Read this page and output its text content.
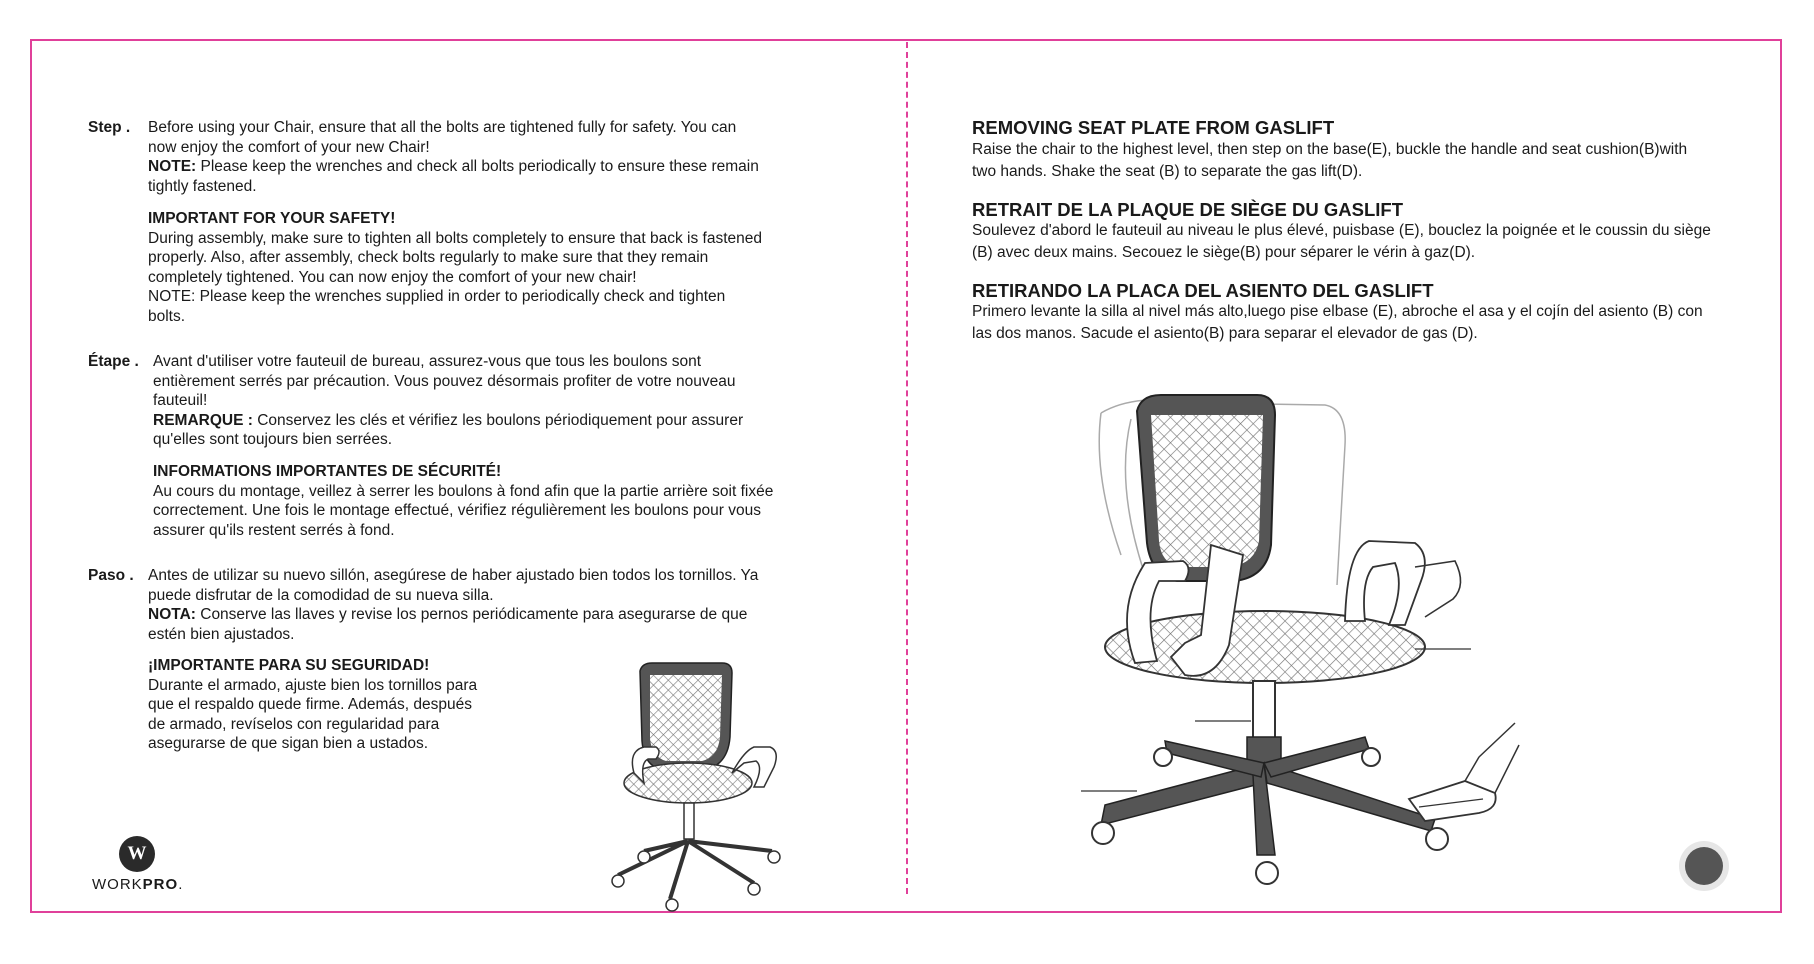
Step . Before using your Chair, ensure that all the bolts are tightened fully for safety. You can now enjoy the comfort of your new Chair!
NOTE: Please keep the wrenches and check all bolts periodically to ensure these remain tightly fastened.
IMPORTANT FOR YOUR SAFETY!
During assembly, make sure to tighten all bolts completely to ensure that back is fastened properly. Also, after assembly, check bolts regularly to make sure that they remain completely tightened. You can now enjoy the comfort of your new chair!
NOTE: Please keep the wrenches supplied in order to periodically check and tighten bolts.
Étape . Avant d'utiliser votre fauteuil de bureau, assurez-vous que tous les boulons sont entièrement serrés par précaution. Vous pouvez désormais profiter de votre nouveau fauteuil!
REMARQUE : Conservez les clés et vérifiez les boulons périodiquement pour assurer qu'elles sont toujours bien serrées.
INFORMATIONS IMPORTANTES DE SÉCURITÉ!
Au cours du montage, veillez à serrer les boulons à fond afin que la partie arrière soit fixée correctement. Une fois le montage effectué, vérifiez régulièrement les boulons pour vous assurer qu'ils restent serrés à fond.
Paso . Antes de utilizar su nuevo sillón, asegúrese de haber ajustado bien todos los tornillos. Ya puede disfrutar de la comodidad de su nueva silla.
NOTA: Conserve las llaves y revise los pernos periódicamente para asegurarse de que estén bien ajustados.
¡IMPORTANTE PARA SU SEGURIDAD!
Durante el armado, ajuste bien los tornillos para que el respaldo quede firme. Además, después de armado, revíselos con regularidad para asegurarse de que sigan bien a ustados.
W
WORKPRO.
REMOVING SEAT PLATE FROM GASLIFT

Raise the chair to the highest level, then step on the base(E), buckle the handle and seat cushion(B)with two hands. Shake the seat (B) to separate the gas lift(D).

RETRAIT DE LA PLAQUE DE SIÈGE DU GASLIFT

Soulevez d'abord le fauteuil au niveau le plus élevé, puisbase (E), bouclez la poignée et le coussin du siège (B) avec deux mains. Secouez le siège(B) pour séparer le vérin à gaz(D).

RETIRANDO LA PLACA DEL ASIENTO DEL GASLIFT

Primero levante la silla al nivel más alto,luego pise elbase (E), abroche el asa y el cojín del asiento (B) con las dos manos. Sacude el asiento(B) para separar el elevador de gas (D).
